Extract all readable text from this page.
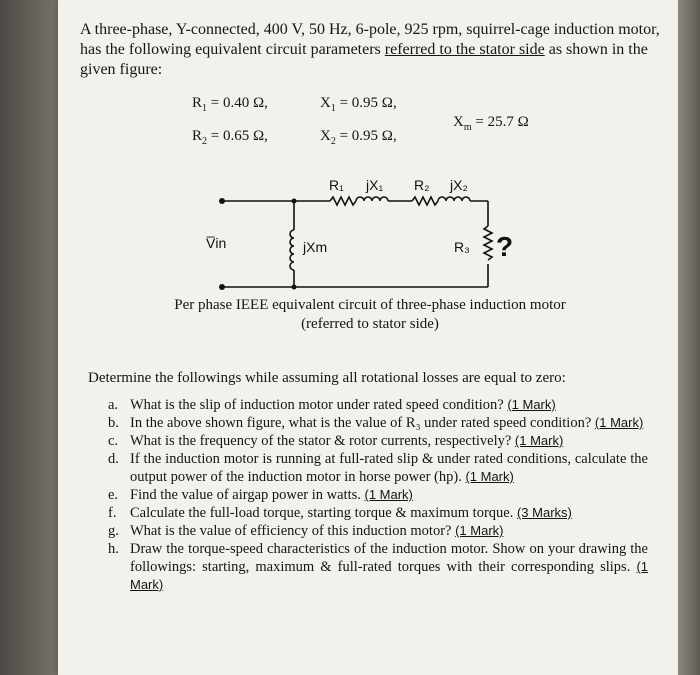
A three-phase, Y-connected, 400 V, 50 Hz, 6-pole, 925 rpm, squirrel-cage induction motor, has the following equivalent circuit parameters referred to the stator side as shown in the given figure:
$R_1 = 0.40$ Ω,	$X_1 = 0.95$ Ω,
$R_2 = 0.65$ Ω,	$X_2 = 0.95$ Ω,
$X_m = 25.7$ Ω
R₁ jX₁ R₂ jX₂
V̅in	jXm	R₃ ?
Per phase IEEE equivalent circuit of three-phase induction motor
(referred to stator side)
Determine the followings while assuming all rotational losses are equal to zero:
a. What is the slip of induction motor under rated speed condition? (1 Mark)
b. In the above shown figure, what is the value of R₃ under rated speed condition? (1 Mark)
c. What is the frequency of the stator & rotor currents, respectively? (1 Mark)
d. If the induction motor is running at full-rated slip & under rated conditions, calculate the output power of the induction motor in horse power (hp). (1 Mark)
e. Find the value of airgap power in watts. (1 Mark)
f. Calculate the full-load torque, starting torque & maximum torque. (3 Marks)
g. What is the value of efficiency of this induction motor? (1 Mark)
h. Draw the torque-speed characteristics of the induction motor. Show on your drawing the followings: starting, maximum & full-rated torques with their corresponding slips. (1 Mark)
